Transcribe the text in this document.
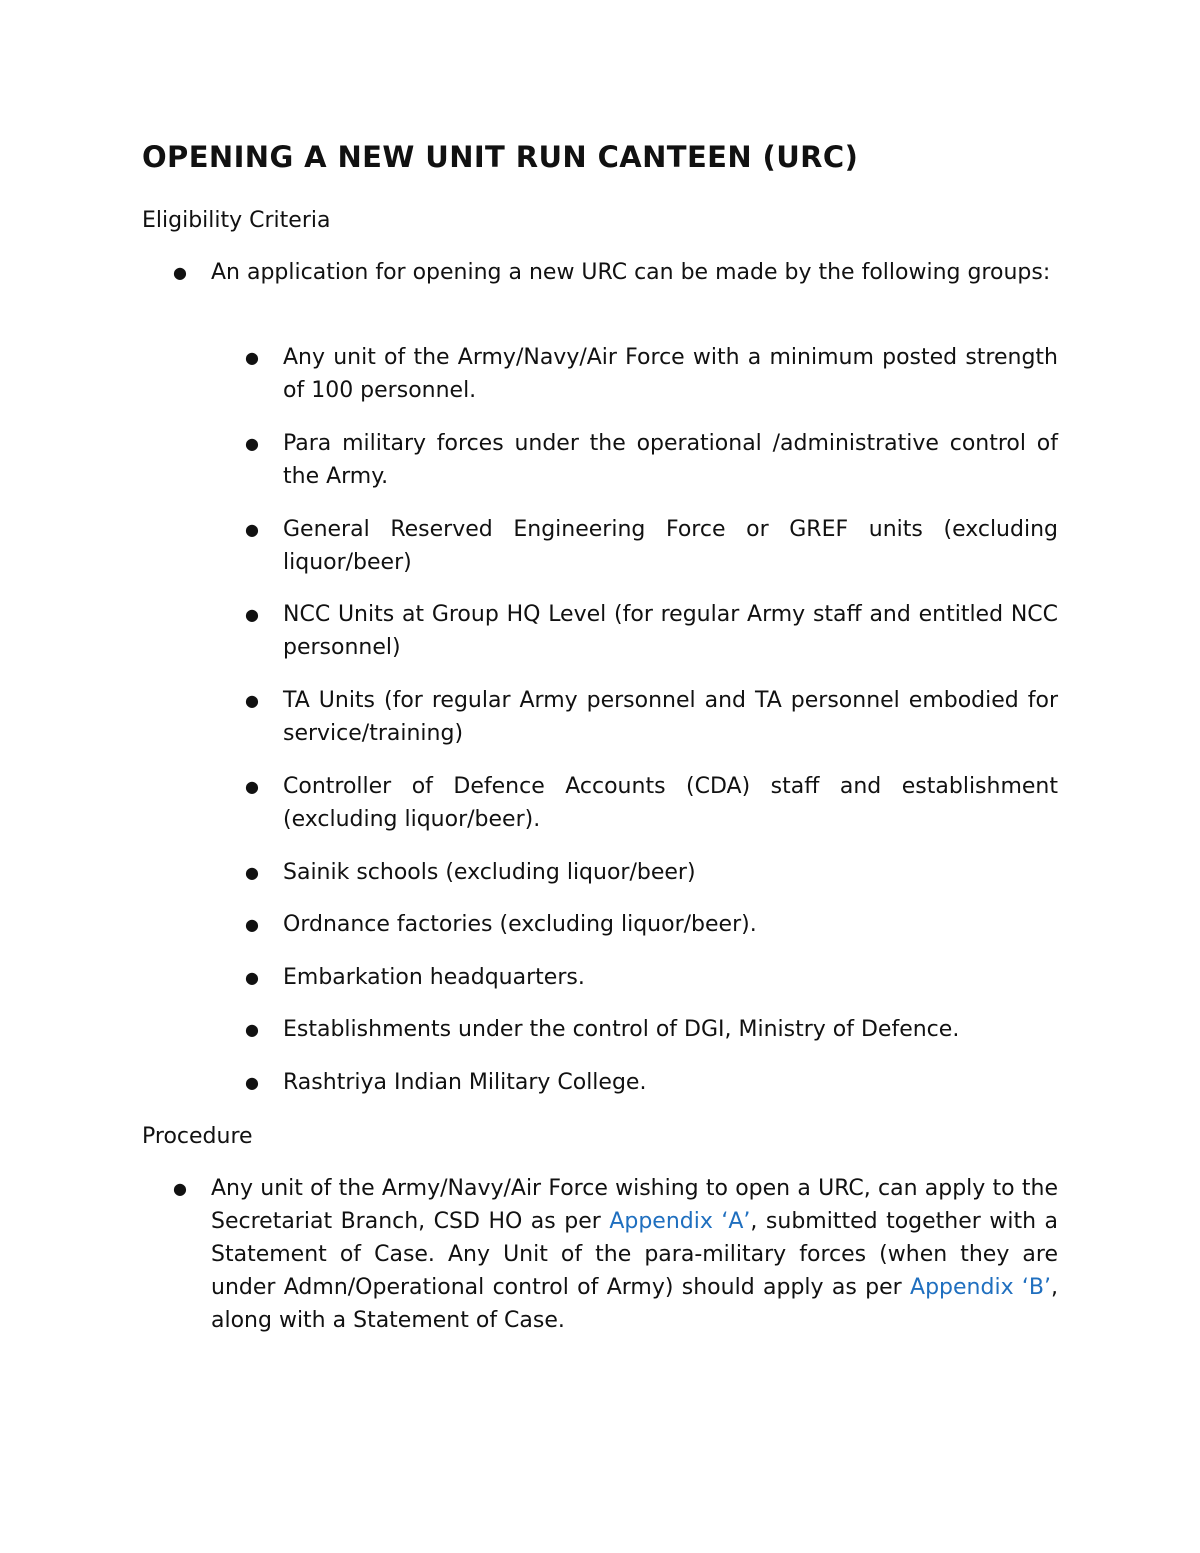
OPENING A NEW UNIT RUN CANTEEN (URC)

Eligibility Criteria

● An application for opening a new URC can be made by the following groups:

● Any unit of the Army/Navy/Air Force with a minimum posted strength of 100 personnel.

● Para military forces under the operational /administrative control of the Army.

● General Reserved Engineering Force or GREF units (excluding liquor/beer)

● NCC Units at Group HQ Level (for regular Army staff and entitled NCC personnel)

● TA Units (for regular Army personnel and TA personnel embodied for service/training)

● Controller of Defence Accounts (CDA) staff and establishment (excluding liquor/beer).

● Sainik schools (excluding liquor/beer)

● Ordnance factories (excluding liquor/beer).

● Embarkation headquarters.

● Establishments under the control of DGI, Ministry of Defence.

● Rashtriya Indian Military College.

Procedure

● Any unit of the Army/Navy/Air Force wishing to open a URC, can apply to the Secretariat Branch, CSD HO as per Appendix ‘A’, submitted together with a Statement of Case. Any Unit of the para-military forces (when they are under Admn/Operational control of Army) should apply as per Appendix ‘B’, along with a Statement of Case.
